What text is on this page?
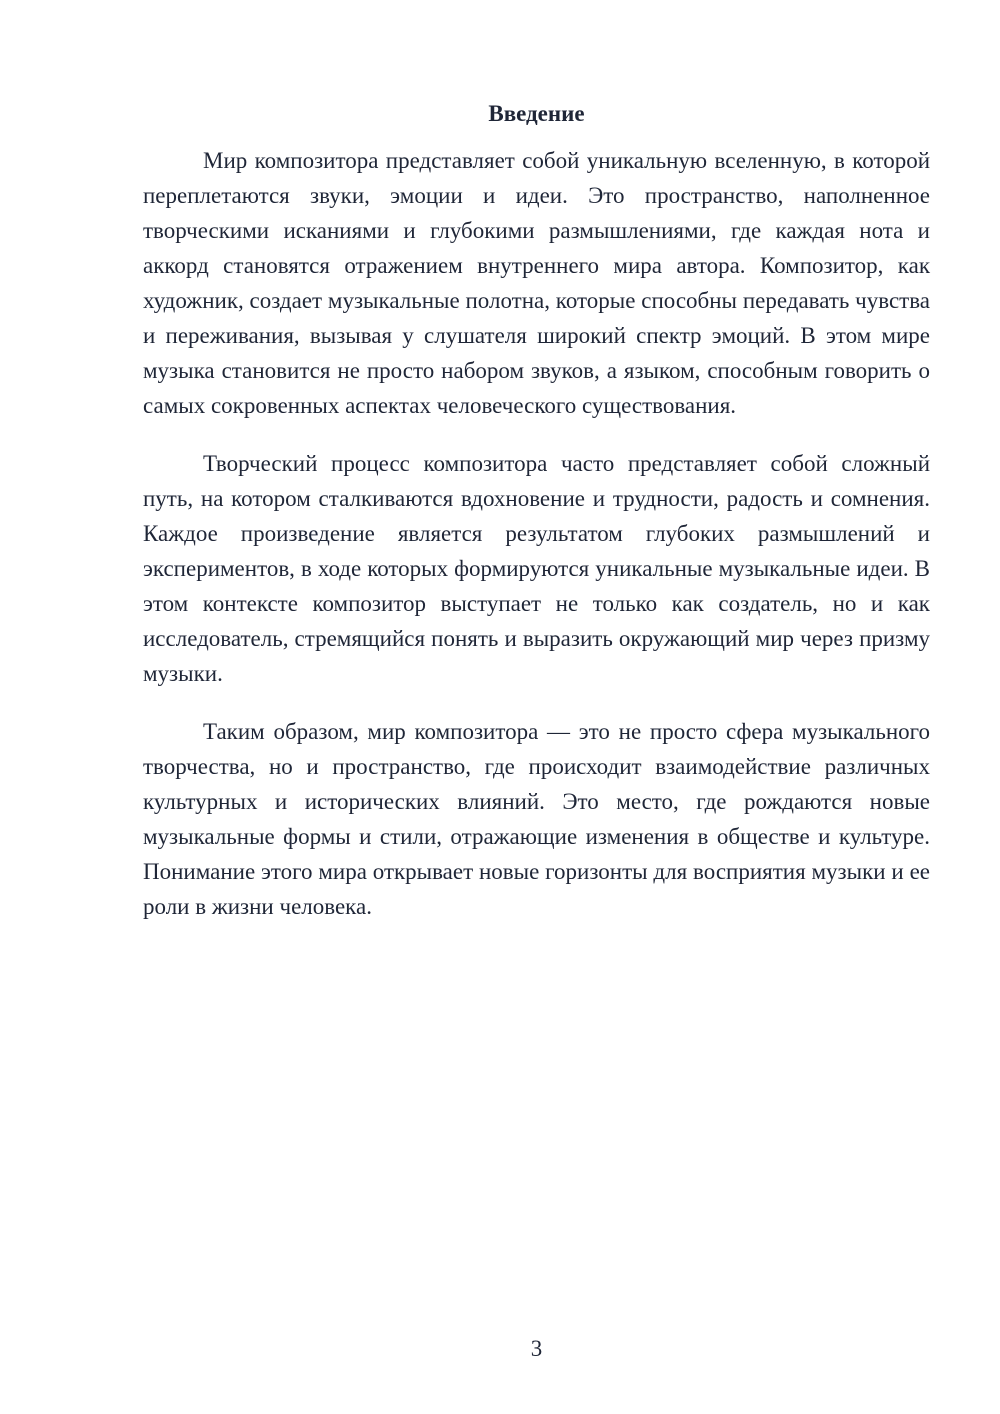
Введение

Мир композитора представляет собой уникальную вселенную, в которой переплетаются звуки, эмоции и идеи. Это пространство, наполненное творческими исканиями и глубокими размышлениями, где каждая нота и аккорд становятся отражением внутреннего мира автора. Композитор, как художник, создает музыкальные полотна, которые способны передавать чувства и переживания, вызывая у слушателя широкий спектр эмоций. В этом мире музыка становится не просто набором звуков, а языком, способным говорить о самых сокровенных аспектах человеческого существования.

Творческий процесс композитора часто представляет собой сложный путь, на котором сталкиваются вдохновение и трудности, радость и сомнения. Каждое произведение является результатом глубоких размышлений и экспериментов, в ходе которых формируются уникальные музыкальные идеи. В этом контексте композитор выступает не только как создатель, но и как исследователь, стремящийся понять и выразить окружающий мир через призму музыки.

Таким образом, мир композитора — это не просто сфера музыкального творчества, но и пространство, где происходит взаимодействие различных культурных и исторических влияний. Это место, где рождаются новые музыкальные формы и стили, отражающие изменения в обществе и культуре. Понимание этого мира открывает новые горизонты для восприятия музыки и ее роли в жизни человека.

3
